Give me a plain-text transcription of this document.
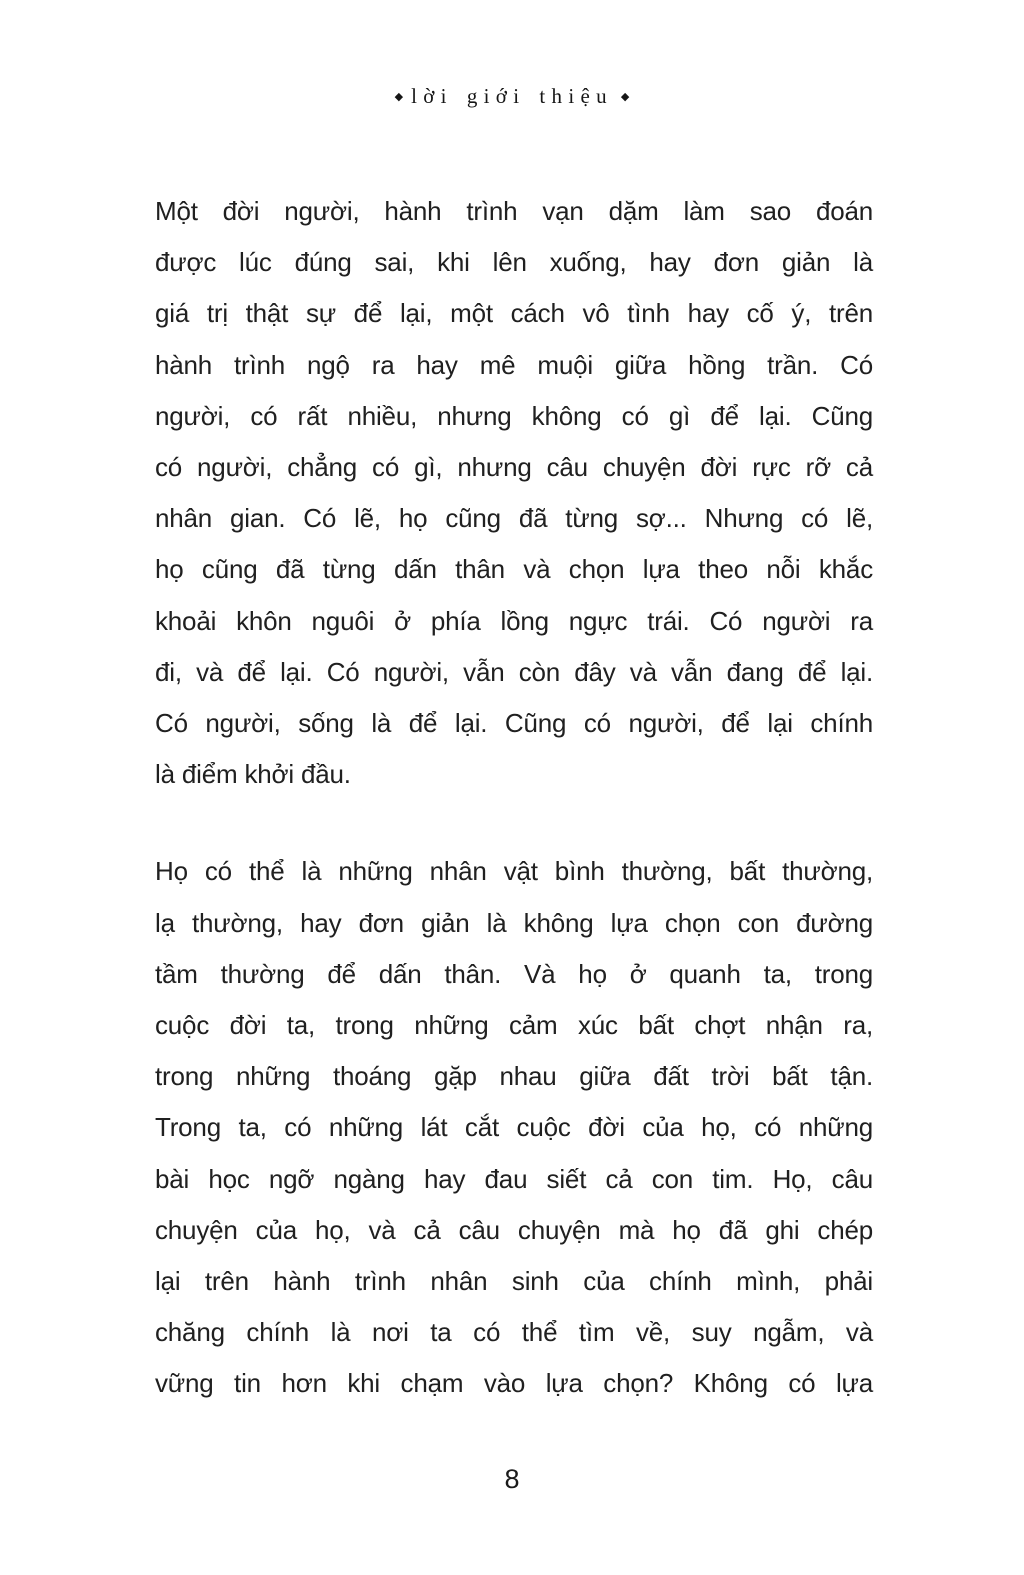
◆ lời giới thiệu ◆
Một đời người, hành trình vạn dặm làm sao đoán
được lúc đúng sai, khi lên xuống, hay đơn giản là
giá trị thật sự để lại, một cách vô tình hay cố ý, trên
hành trình ngộ ra hay mê muội giữa hồng trần. Có
người, có rất nhiều, nhưng không có gì để lại. Cũng
có người, chẳng có gì, nhưng câu chuyện đời rực rỡ cả
nhân gian. Có lẽ, họ cũng đã từng sợ... Nhưng có lẽ,
họ cũng đã từng dấn thân và chọn lựa theo nỗi khắc
khoải khôn nguôi ở phía lồng ngực trái. Có người ra
đi, và để lại. Có người, vẫn còn đây và vẫn đang để lại.
Có người, sống là để lại. Cũng có người, để lại chính
là điểm khởi đầu.
Họ có thể là những nhân vật bình thường, bất thường,
lạ thường, hay đơn giản là không lựa chọn con đường
tầm thường để dấn thân. Và họ ở quanh ta, trong
cuộc đời ta, trong những cảm xúc bất chợt nhận ra,
trong những thoáng gặp nhau giữa đất trời bất tận.
Trong ta, có những lát cắt cuộc đời của họ, có những
bài học ngỡ ngàng hay đau siết cả con tim. Họ, câu
chuyện của họ, và cả câu chuyện mà họ đã ghi chép
lại trên hành trình nhân sinh của chính mình, phải
chăng chính là nơi ta có thể tìm về, suy ngẫm, và
vững tin hơn khi chạm vào lựa chọn? Không có lựa
8
